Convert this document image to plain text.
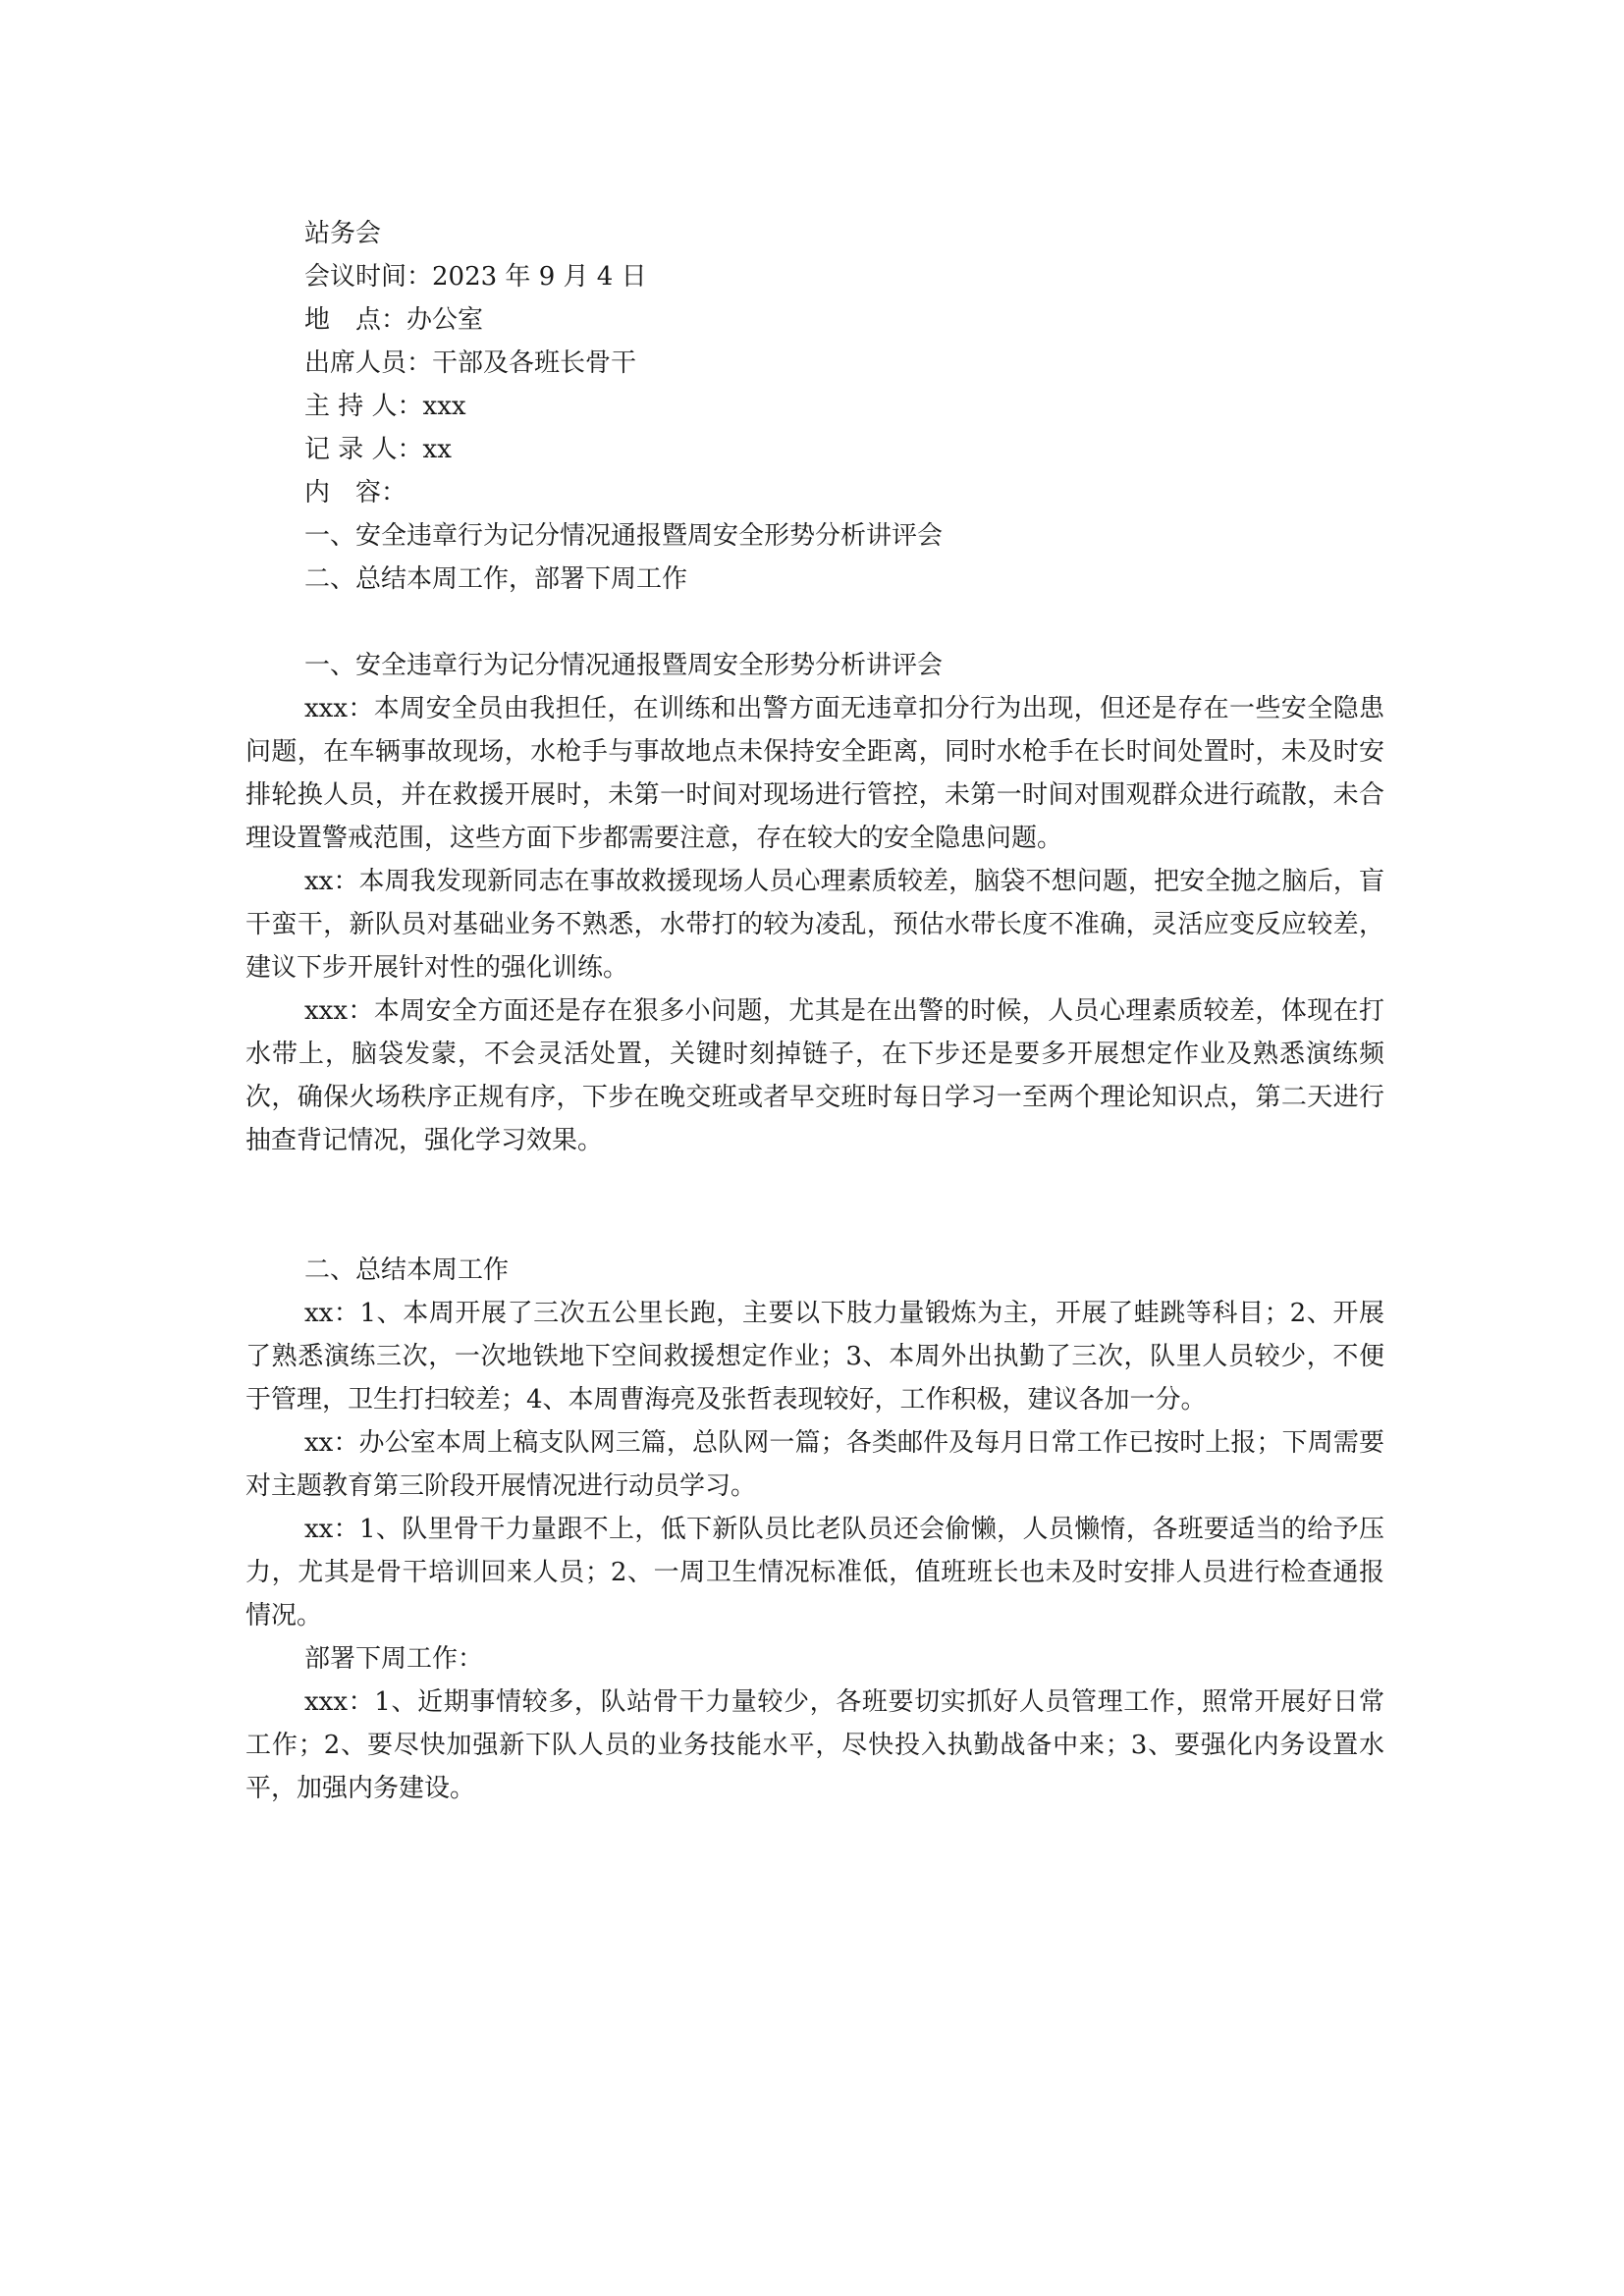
站务会

会议时间：2023 年 9 月 4 日

地　点：办公室

出席人员：干部及各班长骨干

主 持 人：xxx

记 录 人：xx

内　容：

一、安全违章行为记分情况通报暨周安全形势分析讲评会

二、总结本周工作，部署下周工作

一、安全违章行为记分情况通报暨周安全形势分析讲评会

xxx：本周安全员由我担任，在训练和出警方面无违章扣分行为出现，但还是存在一些安全隐患问题，在车辆事故现场，水枪手与事故地点未保持安全距离，同时水枪手在长时间处置时，未及时安排轮换人员，并在救援开展时，未第一时间对现场进行管控，未第一时间对围观群众进行疏散，未合理设置警戒范围，这些方面下步都需要注意，存在较大的安全隐患问题。

xx：本周我发现新同志在事故救援现场人员心理素质较差，脑袋不想问题，把安全抛之脑后，盲干蛮干，新队员对基础业务不熟悉，水带打的较为凌乱，预估水带长度不准确，灵活应变反应较差，建议下步开展针对性的强化训练。

xxx：本周安全方面还是存在狠多小问题，尤其是在出警的时候，人员心理素质较差，体现在打水带上，脑袋发蒙，不会灵活处置，关键时刻掉链子，在下步还是要多开展想定作业及熟悉演练频次，确保火场秩序正规有序，下步在晚交班或者早交班时每日学习一至两个理论知识点，第二天进行抽查背记情况，强化学习效果。

二、总结本周工作

xx：1、本周开展了三次五公里长跑，主要以下肢力量锻炼为主，开展了蛙跳等科目；2、开展了熟悉演练三次，一次地铁地下空间救援想定作业；3、本周外出执勤了三次，队里人员较少，不便于管理，卫生打扫较差；4、本周曹海亮及张哲表现较好，工作积极，建议各加一分。

xx：办公室本周上稿支队网三篇，总队网一篇；各类邮件及每月日常工作已按时上报；下周需要对主题教育第三阶段开展情况进行动员学习。

xx：1、队里骨干力量跟不上，低下新队员比老队员还会偷懒，人员懒惰，各班要适当的给予压力，尤其是骨干培训回来人员；2、一周卫生情况标准低，值班班长也未及时安排人员进行检查通报情况。

部署下周工作：

xxx：1、近期事情较多，队站骨干力量较少，各班要切实抓好人员管理工作，照常开展好日常工作；2、要尽快加强新下队人员的业务技能水平，尽快投入执勤战备中来；3、要强化内务设置水平，加强内务建设。
